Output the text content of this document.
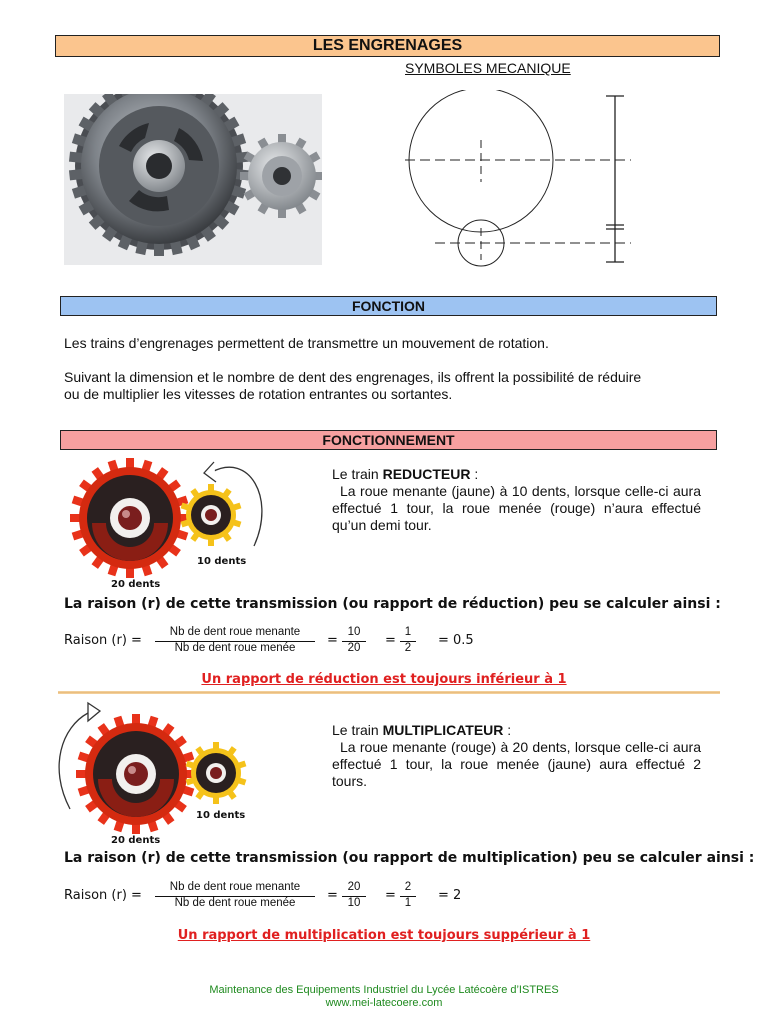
LES ENGRENAGES
SYMBOLES MECANIQUE
FONCTION
Les trains d’engrenages permettent de transmettre un mouvement de rotation.
Suivant la dimension et le nombre de dent des engrenages, ils offrent la possibilité de réduire
ou de multiplier les vitesses de rotation entrantes ou sortantes.
FONCTIONNEMENT
10 dents
20 dents
Le train REDUCTEUR :
La roue menante (jaune) à 10 dents, lorsque celle-ci aura effectué 1 tour, la roue menée (rouge) n’aura effectué qu’un demi tour.
La raison (r) de cette transmission (ou rapport de réduction) peu se calculer ainsi :
Raison (r) =
Nb de dent roue menante
Nb de dent roue menée	=
10
20	=
1
2	= 0.5
Un rapport de réduction est toujours inférieur à 1
10 dents
20 dents
Le train MULTIPLICATEUR :
La roue menante (rouge) à 20 dents, lorsque celle-ci aura effectué 1 tour, la roue menée (jaune) aura effectué 2 tours.
La raison (r) de cette transmission (ou rapport de multiplication) peu se calculer ainsi :
Raison (r) =
Nb de dent roue menante
Nb de dent roue menée	=
20
10	=
2
1	= 2
Un rapport de multiplication est toujours suppérieur à 1
Maintenance des Equipements Industriel du Lycée Latécoère d’ISTRES
www.mei-latecoere.com
